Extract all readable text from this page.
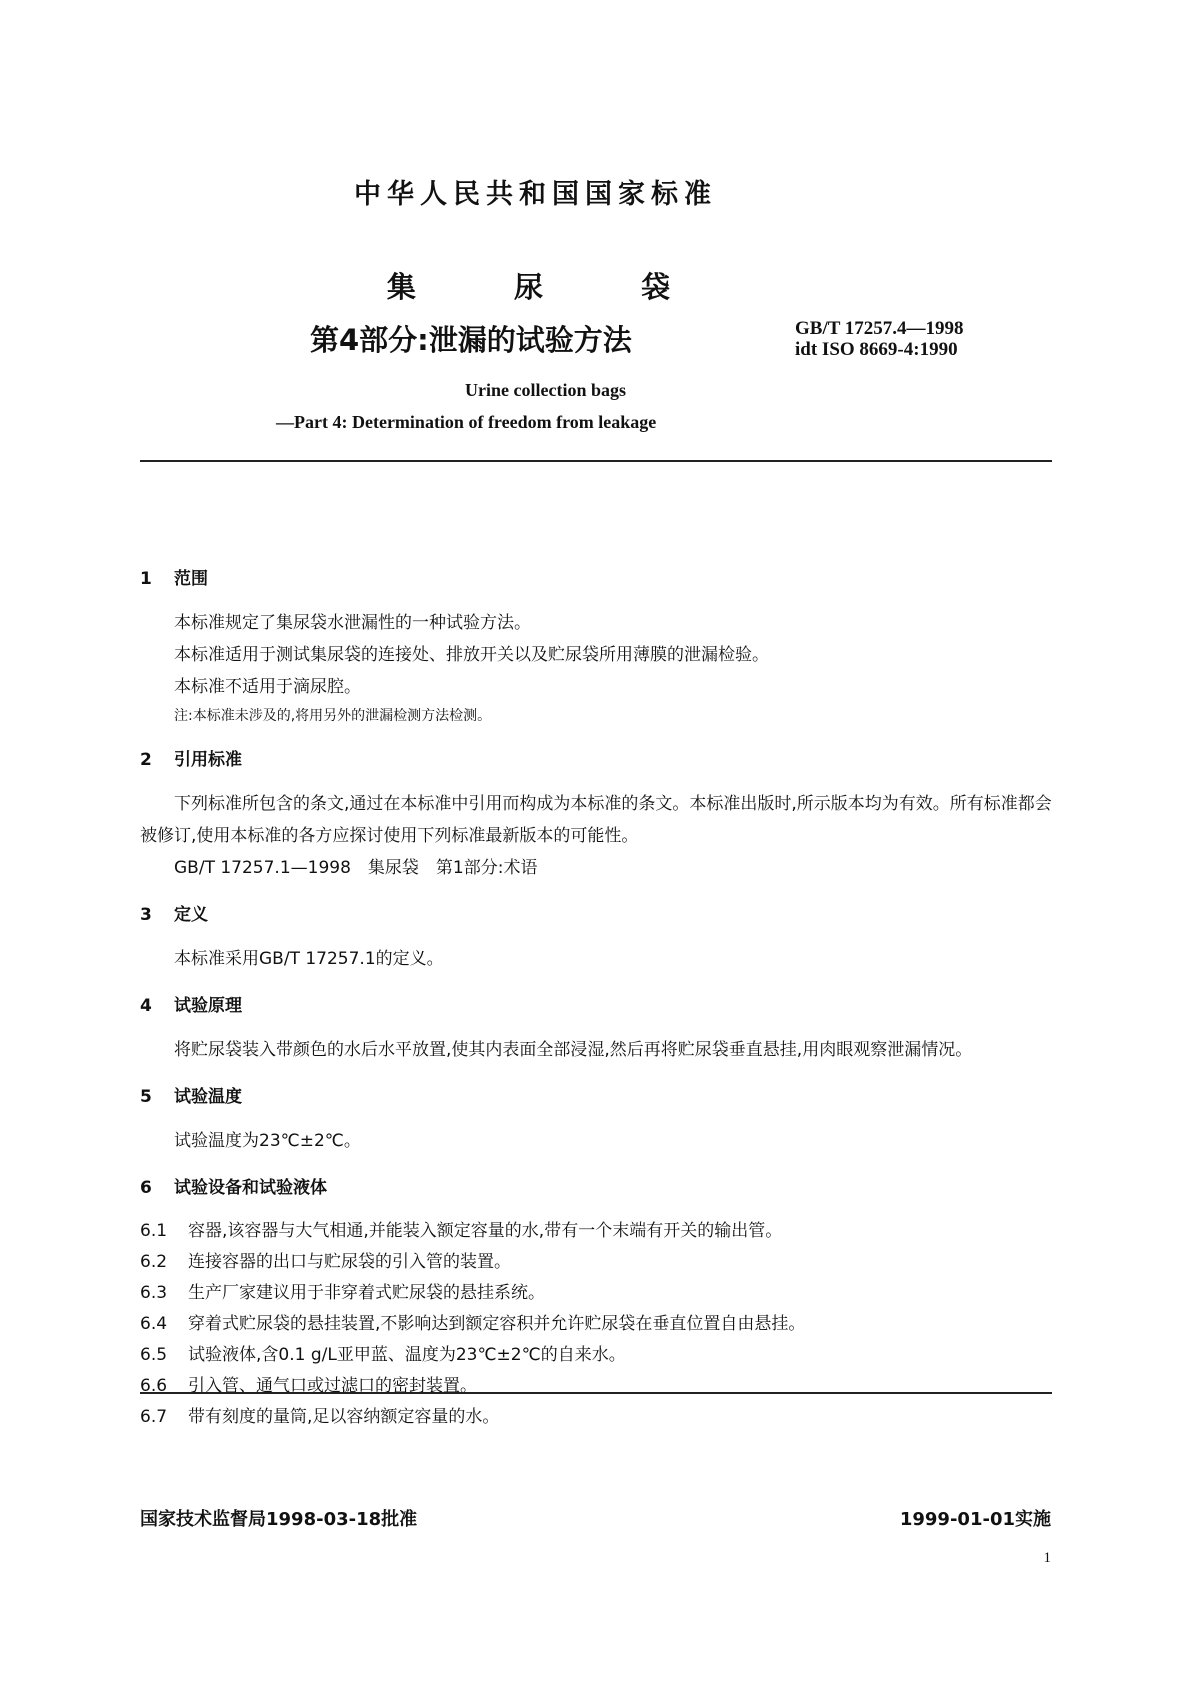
中华人民共和国国家标准
集 尿 袋
第4部分:泄漏的试验方法	GB/T 17257.4—1998
idt ISO 8669-4:1990
Urine collection bags
—Part 4: Determination of freedom from leakage
1 范围
本标准规定了集尿袋水泄漏性的一种试验方法。
本标准适用于测试集尿袋的连接处、排放开关以及贮尿袋所用薄膜的泄漏检验。
本标准不适用于滴尿腔。
注:本标准未涉及的,将用另外的泄漏检测方法检测。
2 引用标准
下列标准所包含的条文,通过在本标准中引用而构成为本标准的条文。本标准出版时,所示版本均为有效。所有标准都会被修订,使用本标准的各方应探讨使用下列标准最新版本的可能性。
GB/T 17257.1—1998　集尿袋　第1部分:术语
3 定义
本标准采用GB/T 17257.1的定义。
4 试验原理
将贮尿袋装入带颜色的水后水平放置,使其内表面全部浸湿,然后再将贮尿袋垂直悬挂,用肉眼观察泄漏情况。
5 试验温度
试验温度为23℃±2℃。
6 试验设备和试验液体
6.1 容器,该容器与大气相通,并能装入额定容量的水,带有一个末端有开关的输出管。
6.2 连接容器的出口与贮尿袋的引入管的装置。
6.3 生产厂家建议用于非穿着式贮尿袋的悬挂系统。
6.4 穿着式贮尿袋的悬挂装置,不影响达到额定容积并允许贮尿袋在垂直位置自由悬挂。
6.5 试验液体,含0.1 g/L亚甲蓝、温度为23℃±2℃的自来水。
6.6 引入管、通气口或过滤口的密封装置。
6.7 带有刻度的量筒,足以容纳额定容量的水。
国家技术监督局1998-03-18批准	1999-01-01实施
1
